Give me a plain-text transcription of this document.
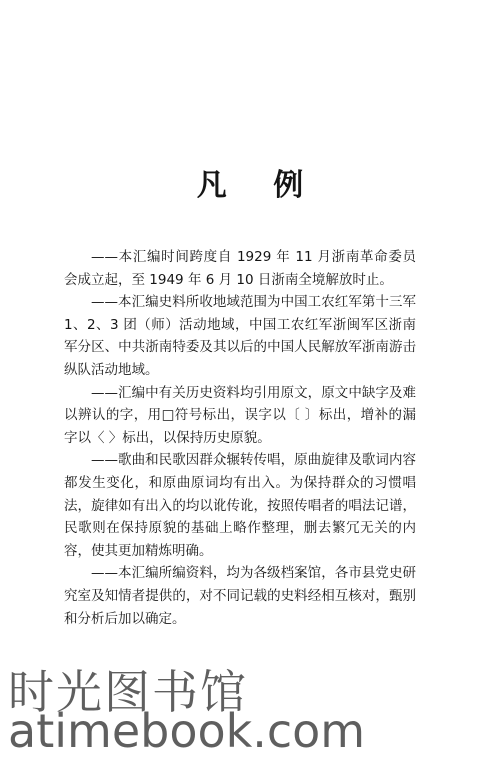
凡 例

——本汇编时间跨度自 1929 年 11 月浙南革命委员会成立起，至 1949 年 6 月 10 日浙南全境解放时止。

——本汇编史料所收地域范围为中国工农红军第十三军1、2、3 团（师）活动地域，中国工农红军浙闽军区浙南军分区、中共浙南特委及其以后的中国人民解放军浙南游击纵队活动地域。

——汇编中有关历史资料均引用原文，原文中缺字及难以辨认的字，用□符号标出，误字以〔 〕标出，增补的漏字以〈 〉标出，以保持历史原貌。

——歌曲和民歌因群众辗转传唱，原曲旋律及歌词内容都发生变化，和原曲原词均有出入。为保持群众的习惯唱法，旋律如有出入的均以讹传讹，按照传唱者的唱法记谱，民歌则在保持原貌的基础上略作整理，删去繁冗无关的内容，使其更加精炼明确。

——本汇编所编资料，均为各级档案馆，各市县党史研究室及知情者提供的，对不同记载的史料经相互核对，甄别和分析后加以确定。

时光图书馆
atimebook.com
